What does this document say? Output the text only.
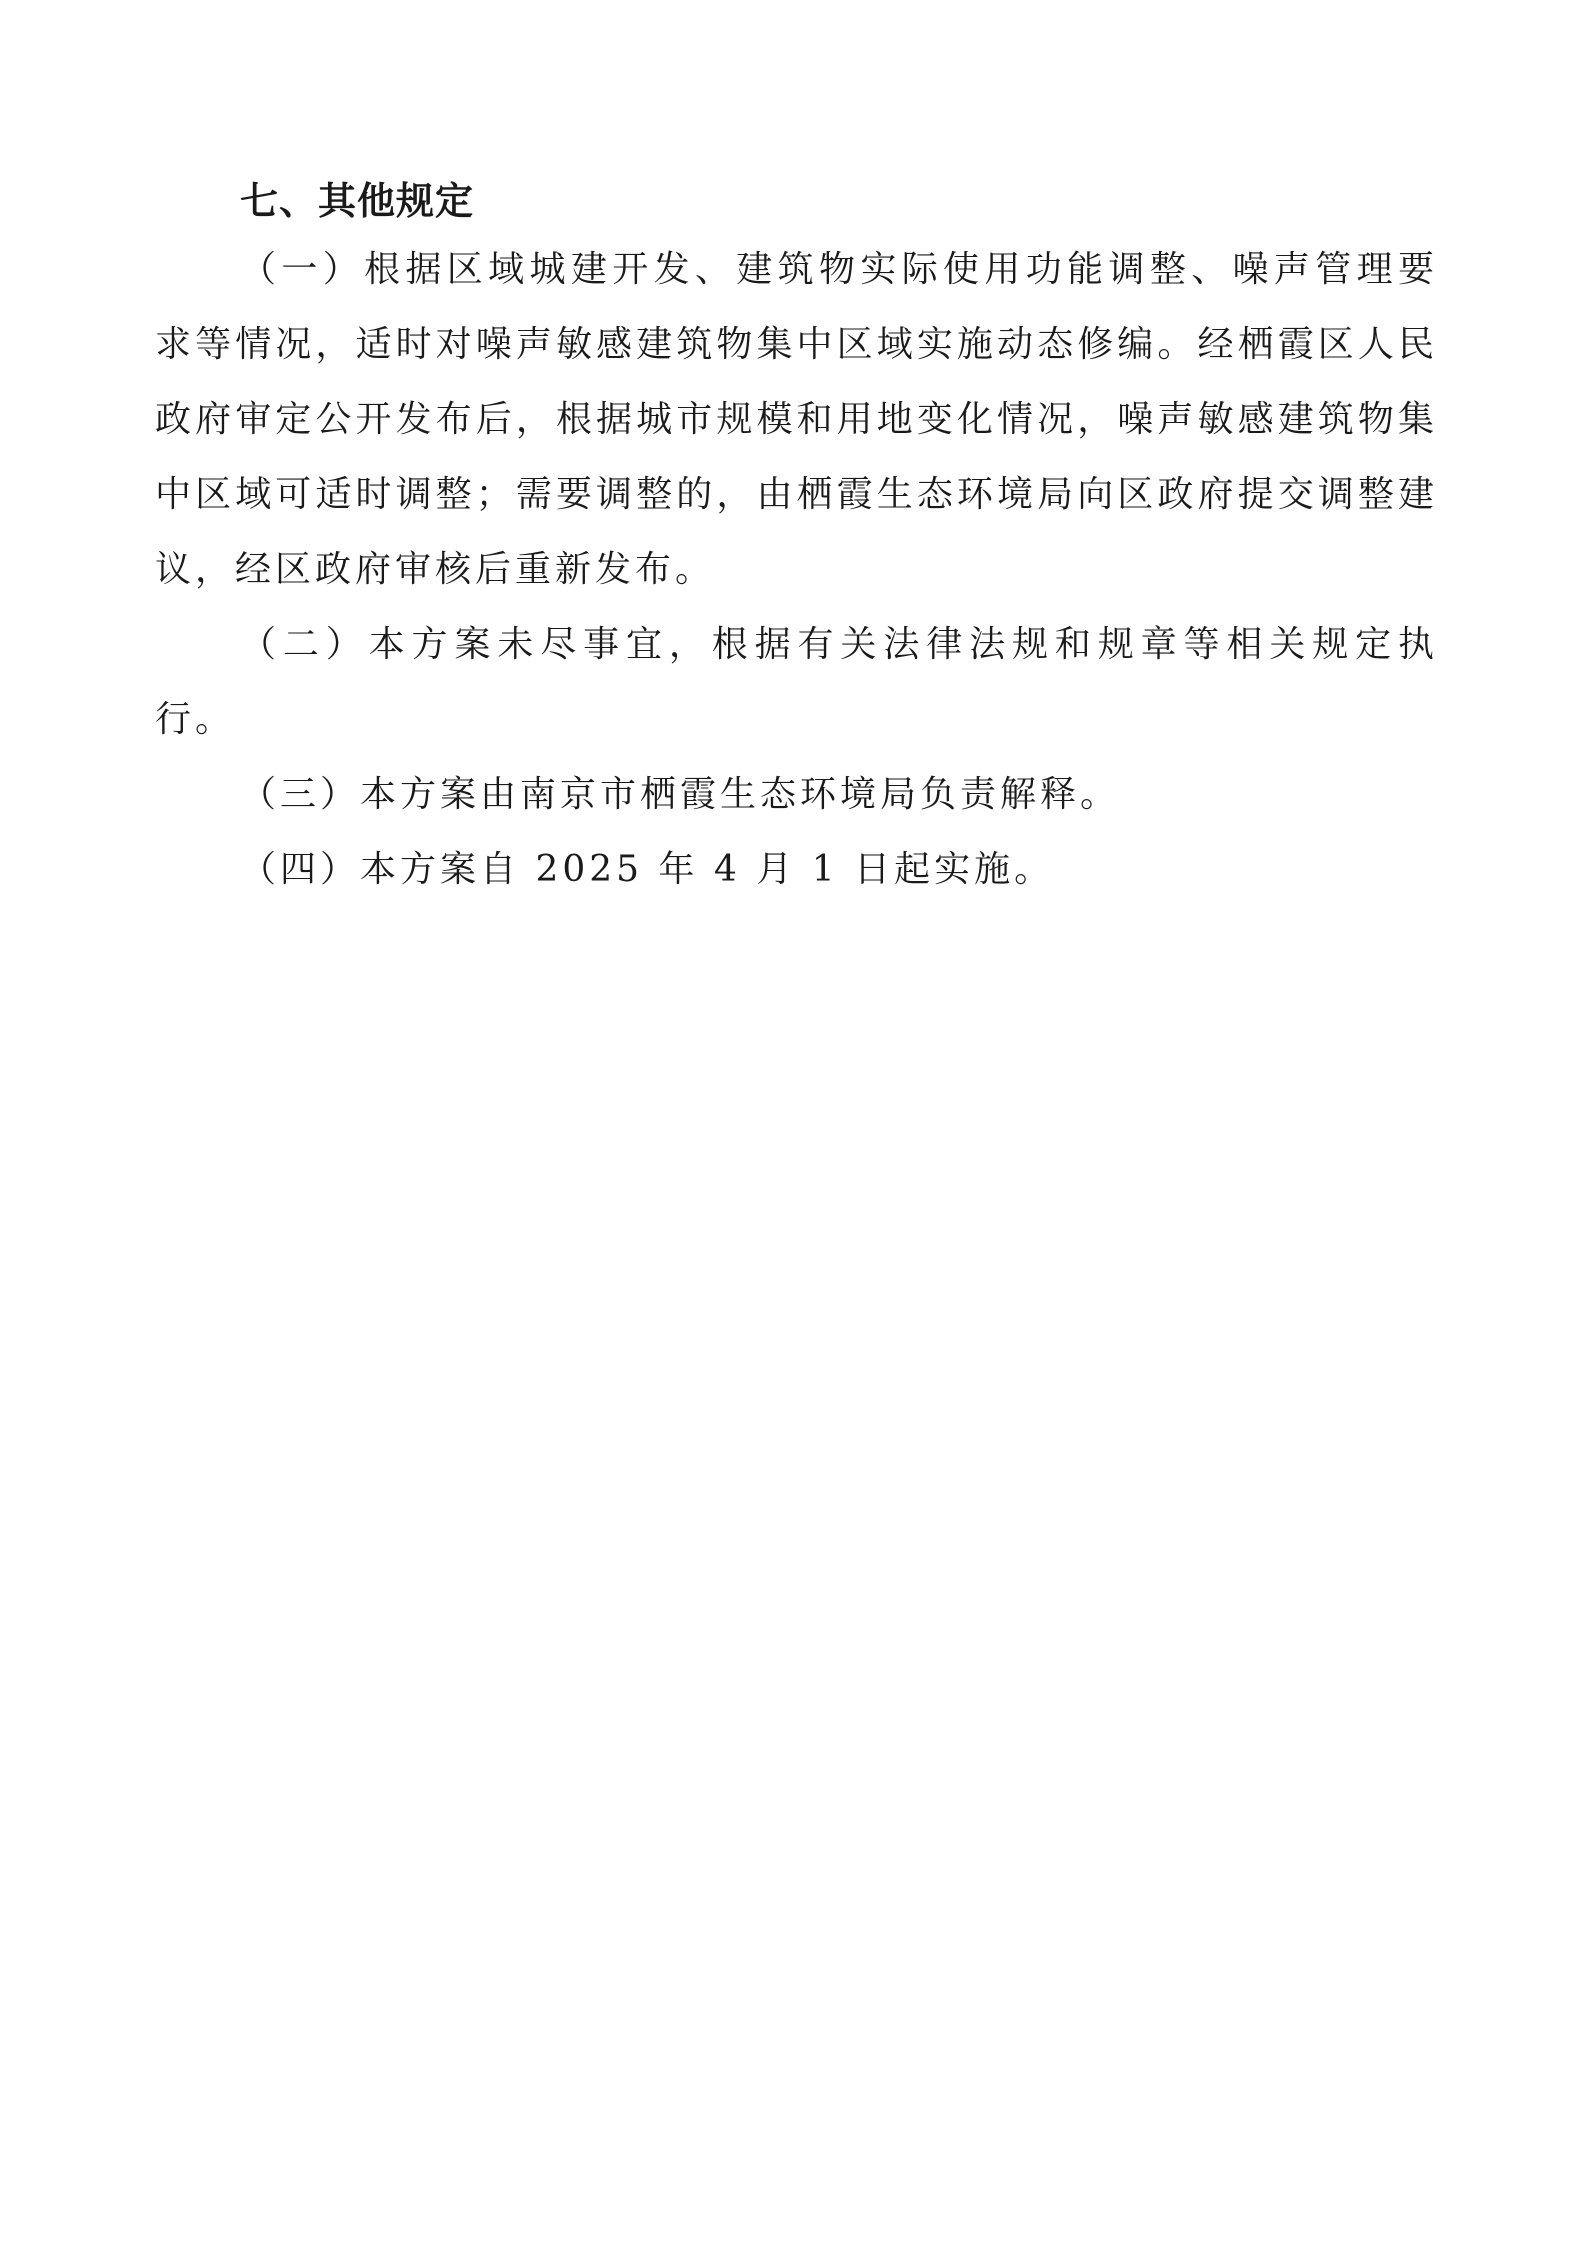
七、其他规定

（一）根据区域城建开发、建筑物实际使用功能调整、噪声管理要求等情况，适时对噪声敏感建筑物集中区域实施动态修编。经栖霞区人民政府审定公开发布后，根据城市规模和用地变化情况，噪声敏感建筑物集中区域可适时调整；需要调整的，由栖霞生态环境局向区政府提交调整建议，经区政府审核后重新发布。

（二）本方案未尽事宜，根据有关法律法规和规章等相关规定执行。

（三）本方案由南京市栖霞生态环境局负责解释。

（四）本方案自 2025 年 4 月 1 日起实施。
